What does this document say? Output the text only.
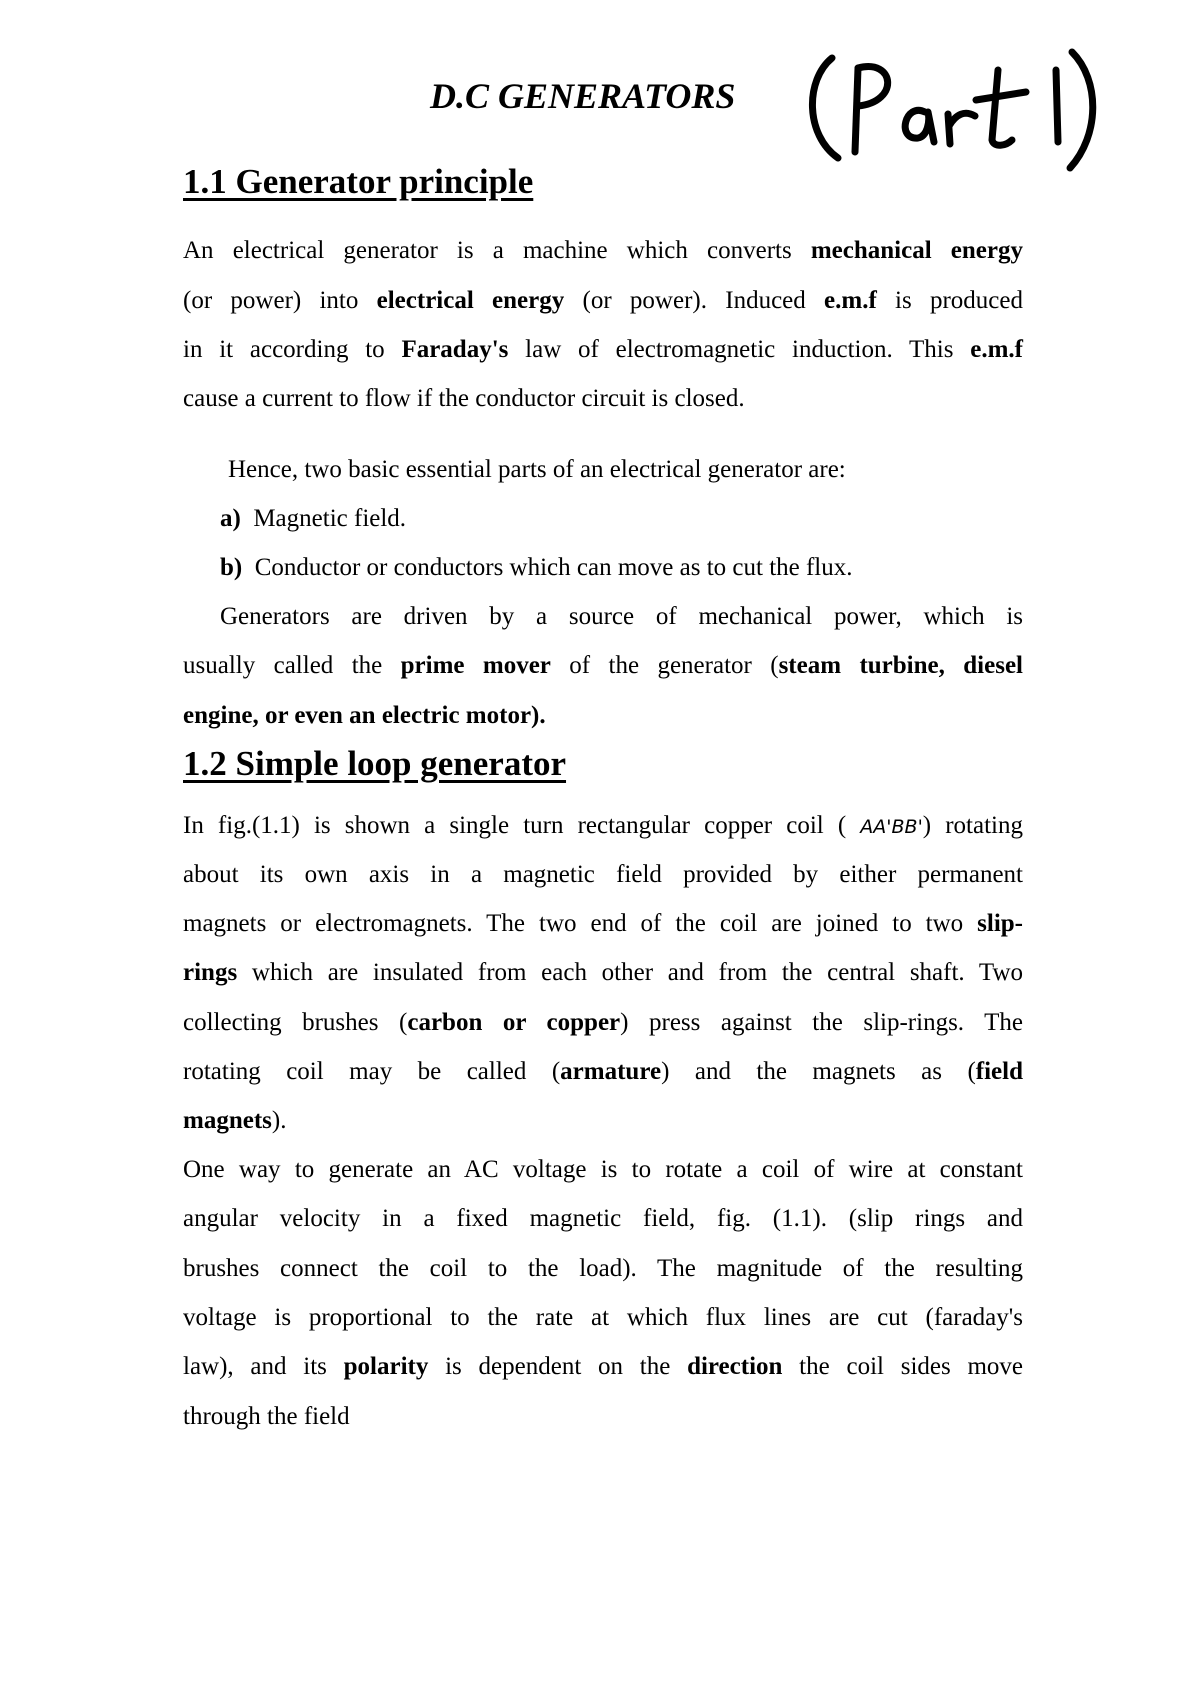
D.C GENERATORS
1.1 Generator principle
An electrical generator is a machine which converts mechanical energy
(or power) into electrical energy (or power). Induced e.m.f is produced
in it according to Faraday's law of electromagnetic induction. This e.m.f
cause a current to flow if the conductor circuit is closed.
Hence, two basic essential parts of an electrical generator are:
a) Magnetic field.
b) Conductor or conductors which can move as to cut the flux.
Generators are driven by a source of mechanical power, which is
usually called the prime mover of the generator (steam turbine, diesel
engine, or even an electric motor).
1.2 Simple loop generator
In fig.(1.1) is shown a single turn rectangular copper coil ( AA'BB') rotating
about its own axis in a magnetic field provided by either permanent
magnets or electromagnets. The two end of the coil are joined to two slip-
rings which are insulated from each other and from the central shaft. Two
collecting brushes (carbon or copper) press against the slip-rings. The
rotating coil may be called (armature) and the magnets as (field
magnets).
One way to generate an AC voltage is to rotate a coil of wire at constant
angular velocity in a fixed magnetic field, fig. (1.1). (slip rings and
brushes connect the coil to the load). The magnitude of the resulting
voltage is proportional to the rate at which flux lines are cut (faraday's
law), and its polarity is dependent on the direction the coil sides move
through the field
